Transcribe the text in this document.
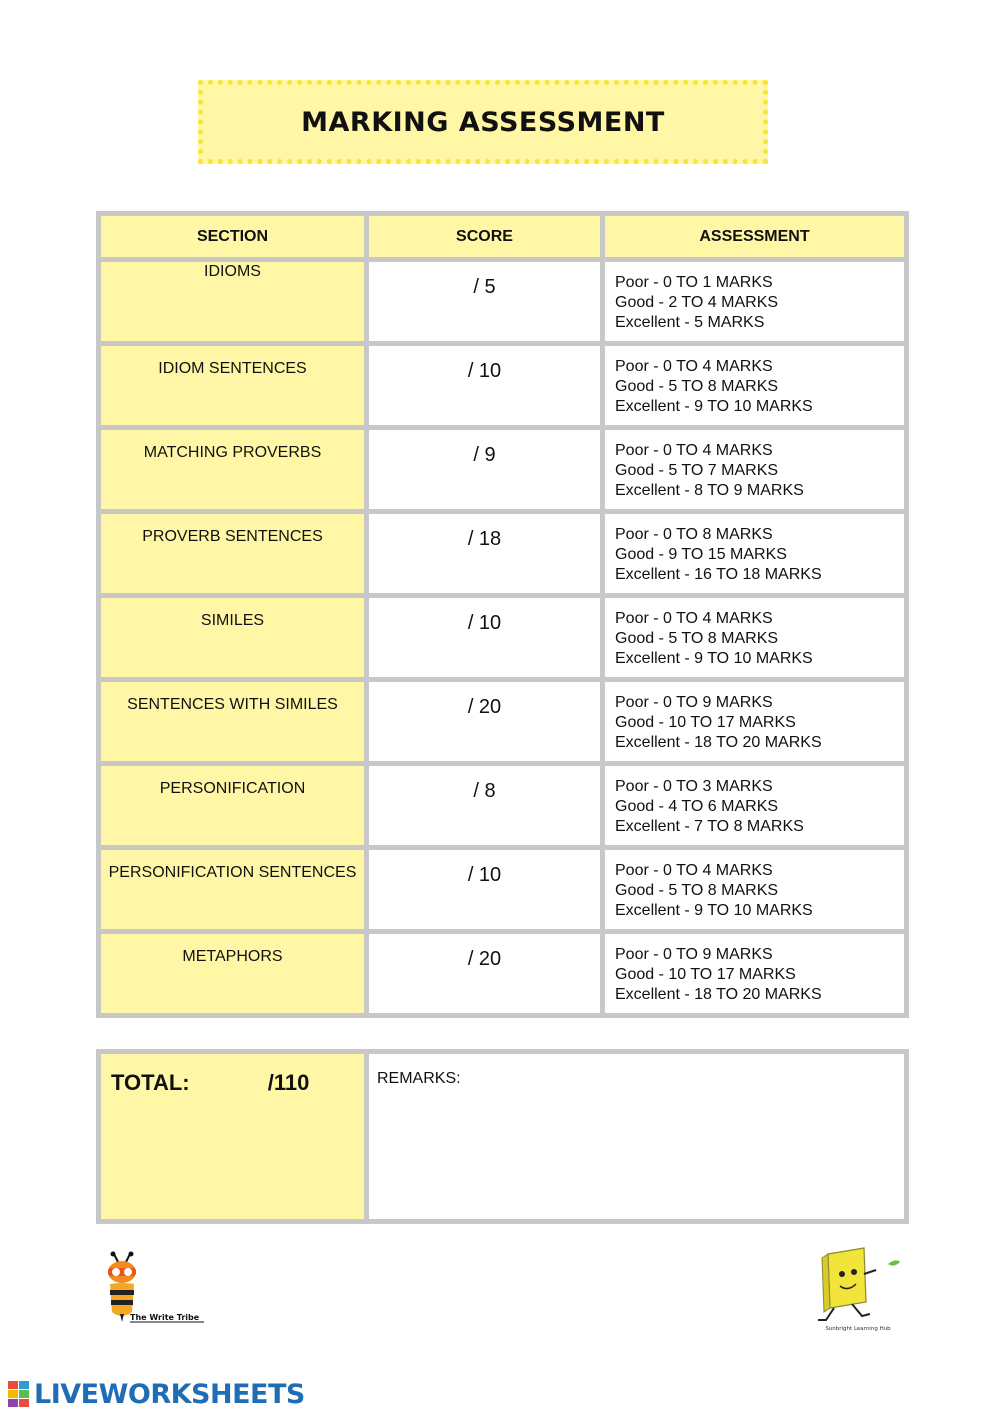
MARKING ASSESSMENT
SECTION	SCORE	ASSESSMENT
IDIOMS	/ 5	Poor - 0 TO 1 MARKS
Good - 2 TO 4 MARKS
Excellent - 5 MARKS

IDIOM SENTENCES	/ 10	Poor - 0 TO 4 MARKS
Good - 5 TO 8 MARKS
Excellent - 9 TO 10 MARKS

MATCHING PROVERBS	/ 9	Poor - 0 TO 4 MARKS
Good - 5 TO 7 MARKS
Excellent - 8 TO 9 MARKS

PROVERB SENTENCES	/ 18	Poor - 0 TO 8 MARKS
Good - 9 TO 15 MARKS
Excellent - 16 TO 18 MARKS

SIMILES	/ 10	Poor - 0 TO 4 MARKS
Good - 5 TO 8 MARKS
Excellent - 9 TO 10 MARKS

SENTENCES WITH SIMILES	/ 20	Poor - 0 TO 9 MARKS
Good - 10 TO 17 MARKS
Excellent - 18 TO 20 MARKS

PERSONIFICATION	/ 8	Poor - 0 TO 3 MARKS
Good - 4 TO 6 MARKS
Excellent - 7 TO 8 MARKS

PERSONIFICATION SENTENCES	/ 10	Poor - 0 TO 4 MARKS
Good - 5 TO 8 MARKS
Excellent - 9 TO 10 MARKS

METAPHORS	/ 20	Poor - 0 TO 9 MARKS
Good - 10 TO 17 MARKS
Excellent - 18 TO 20 MARKS
TOTAL:	/110	REMARKS:
The Write Tribe
Sunbright Learning Hub
LIVEWORKSHEETS
